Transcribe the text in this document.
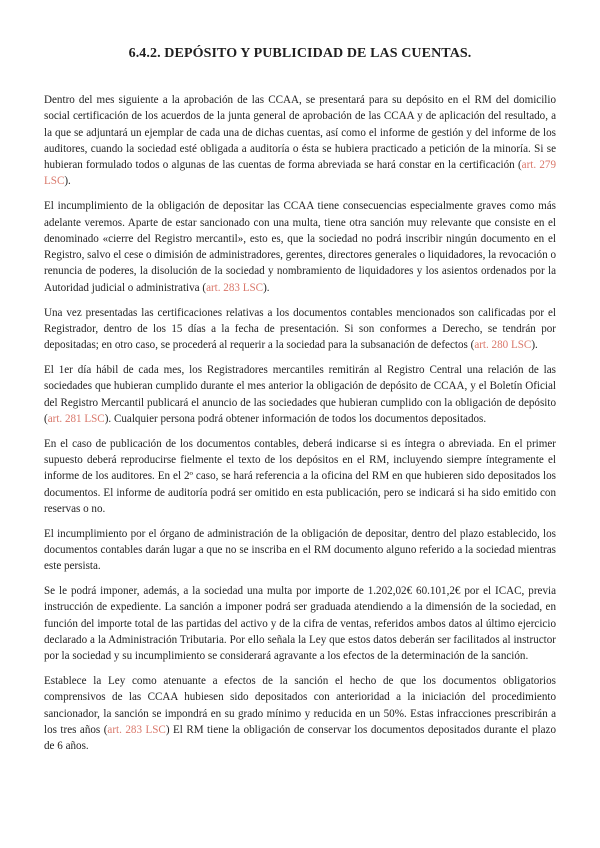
6.4.2. DEPÓSITO Y PUBLICIDAD DE LAS CUENTAS.

Dentro del mes siguiente a la aprobación de las CCAA, se presentará para su depósito en el RM del domicilio social certificación de los acuerdos de la junta general de aprobación de las CCAA y de aplicación del resultado, a la que se adjuntará un ejemplar de cada una de dichas cuentas, así como el informe de gestión y del informe de los auditores, cuando la sociedad esté obligada a auditoría o ésta se hubiera practicado a petición de la minoría. Si se hubieran formulado todos o algunas de las cuentas de forma abreviada se hará constar en la certificación (art. 279 LSC).

El incumplimiento de la obligación de depositar las CCAA tiene consecuencias especialmente graves como más adelante veremos. Aparte de estar sancionado con una multa, tiene otra sanción muy relevante que consiste en el denominado «cierre del Registro mercantil», esto es, que la sociedad no podrá inscribir ningún documento en el Registro, salvo el cese o dimisión de administradores, gerentes, directores generales o liquidadores, la revocación o renuncia de poderes, la disolución de la sociedad y nombramiento de liquidadores y los asientos ordenados por la Autoridad judicial o administrativa (art. 283 LSC).

Una vez presentadas las certificaciones relativas a los documentos contables mencionados son calificadas por el Registrador, dentro de los 15 días a la fecha de presentación. Si son conformes a Derecho, se tendrán por depositadas; en otro caso, se procederá al requerir a la sociedad para la subsanación de defectos (art. 280 LSC).

El 1er día hábil de cada mes, los Registradores mercantiles remitirán al Registro Central una relación de las sociedades que hubieran cumplido durante el mes anterior la obligación de depósito de CCAA, y el Boletín Oficial del Registro Mercantil publicará el anuncio de las sociedades que hubieran cumplido con la obligación de depósito (art. 281 LSC). Cualquier persona podrá obtener información de todos los documentos depositados.

En el caso de publicación de los documentos contables, deberá indicarse si es íntegra o abreviada. En el primer supuesto deberá reproducirse fielmente el texto de los depósitos en el RM, incluyendo siempre íntegramente el informe de los auditores. En el 2º caso, se hará referencia a la oficina del RM en que hubieren sido depositados los documentos. El informe de auditoría podrá ser omitido en esta publicación, pero se indicará si ha sido emitido con reservas o no.

El incumplimiento por el órgano de administración de la obligación de depositar, dentro del plazo establecido, los documentos contables darán lugar a que no se inscriba en el RM documento alguno referido a la sociedad mientras este persista.

Se le podrá imponer, además, a la sociedad una multa por importe de 1.202,02€ 60.101,2€ por el ICAC, previa instrucción de expediente. La sanción a imponer podrá ser graduada atendiendo a la dimensión de la sociedad, en función del importe total de las partidas del activo y de la cifra de ventas, referidos ambos datos al último ejercicio declarado a la Administración Tributaria. Por ello señala la Ley que estos datos deberán ser facilitados al instructor por la sociedad y su incumplimiento se considerará agravante a los efectos de la determinación de la sanción.

Establece la Ley como atenuante a efectos de la sanción el hecho de que los documentos obligatorios comprensivos de las CCAA hubiesen sido depositados con anterioridad a la iniciación del procedimiento sancionador, la sanción se impondrá en su grado mínimo y reducida en un 50%. Estas infracciones prescribirán a los tres años (art. 283 LSC) El RM tiene la obligación de conservar los documentos depositados durante el plazo de 6 años.
